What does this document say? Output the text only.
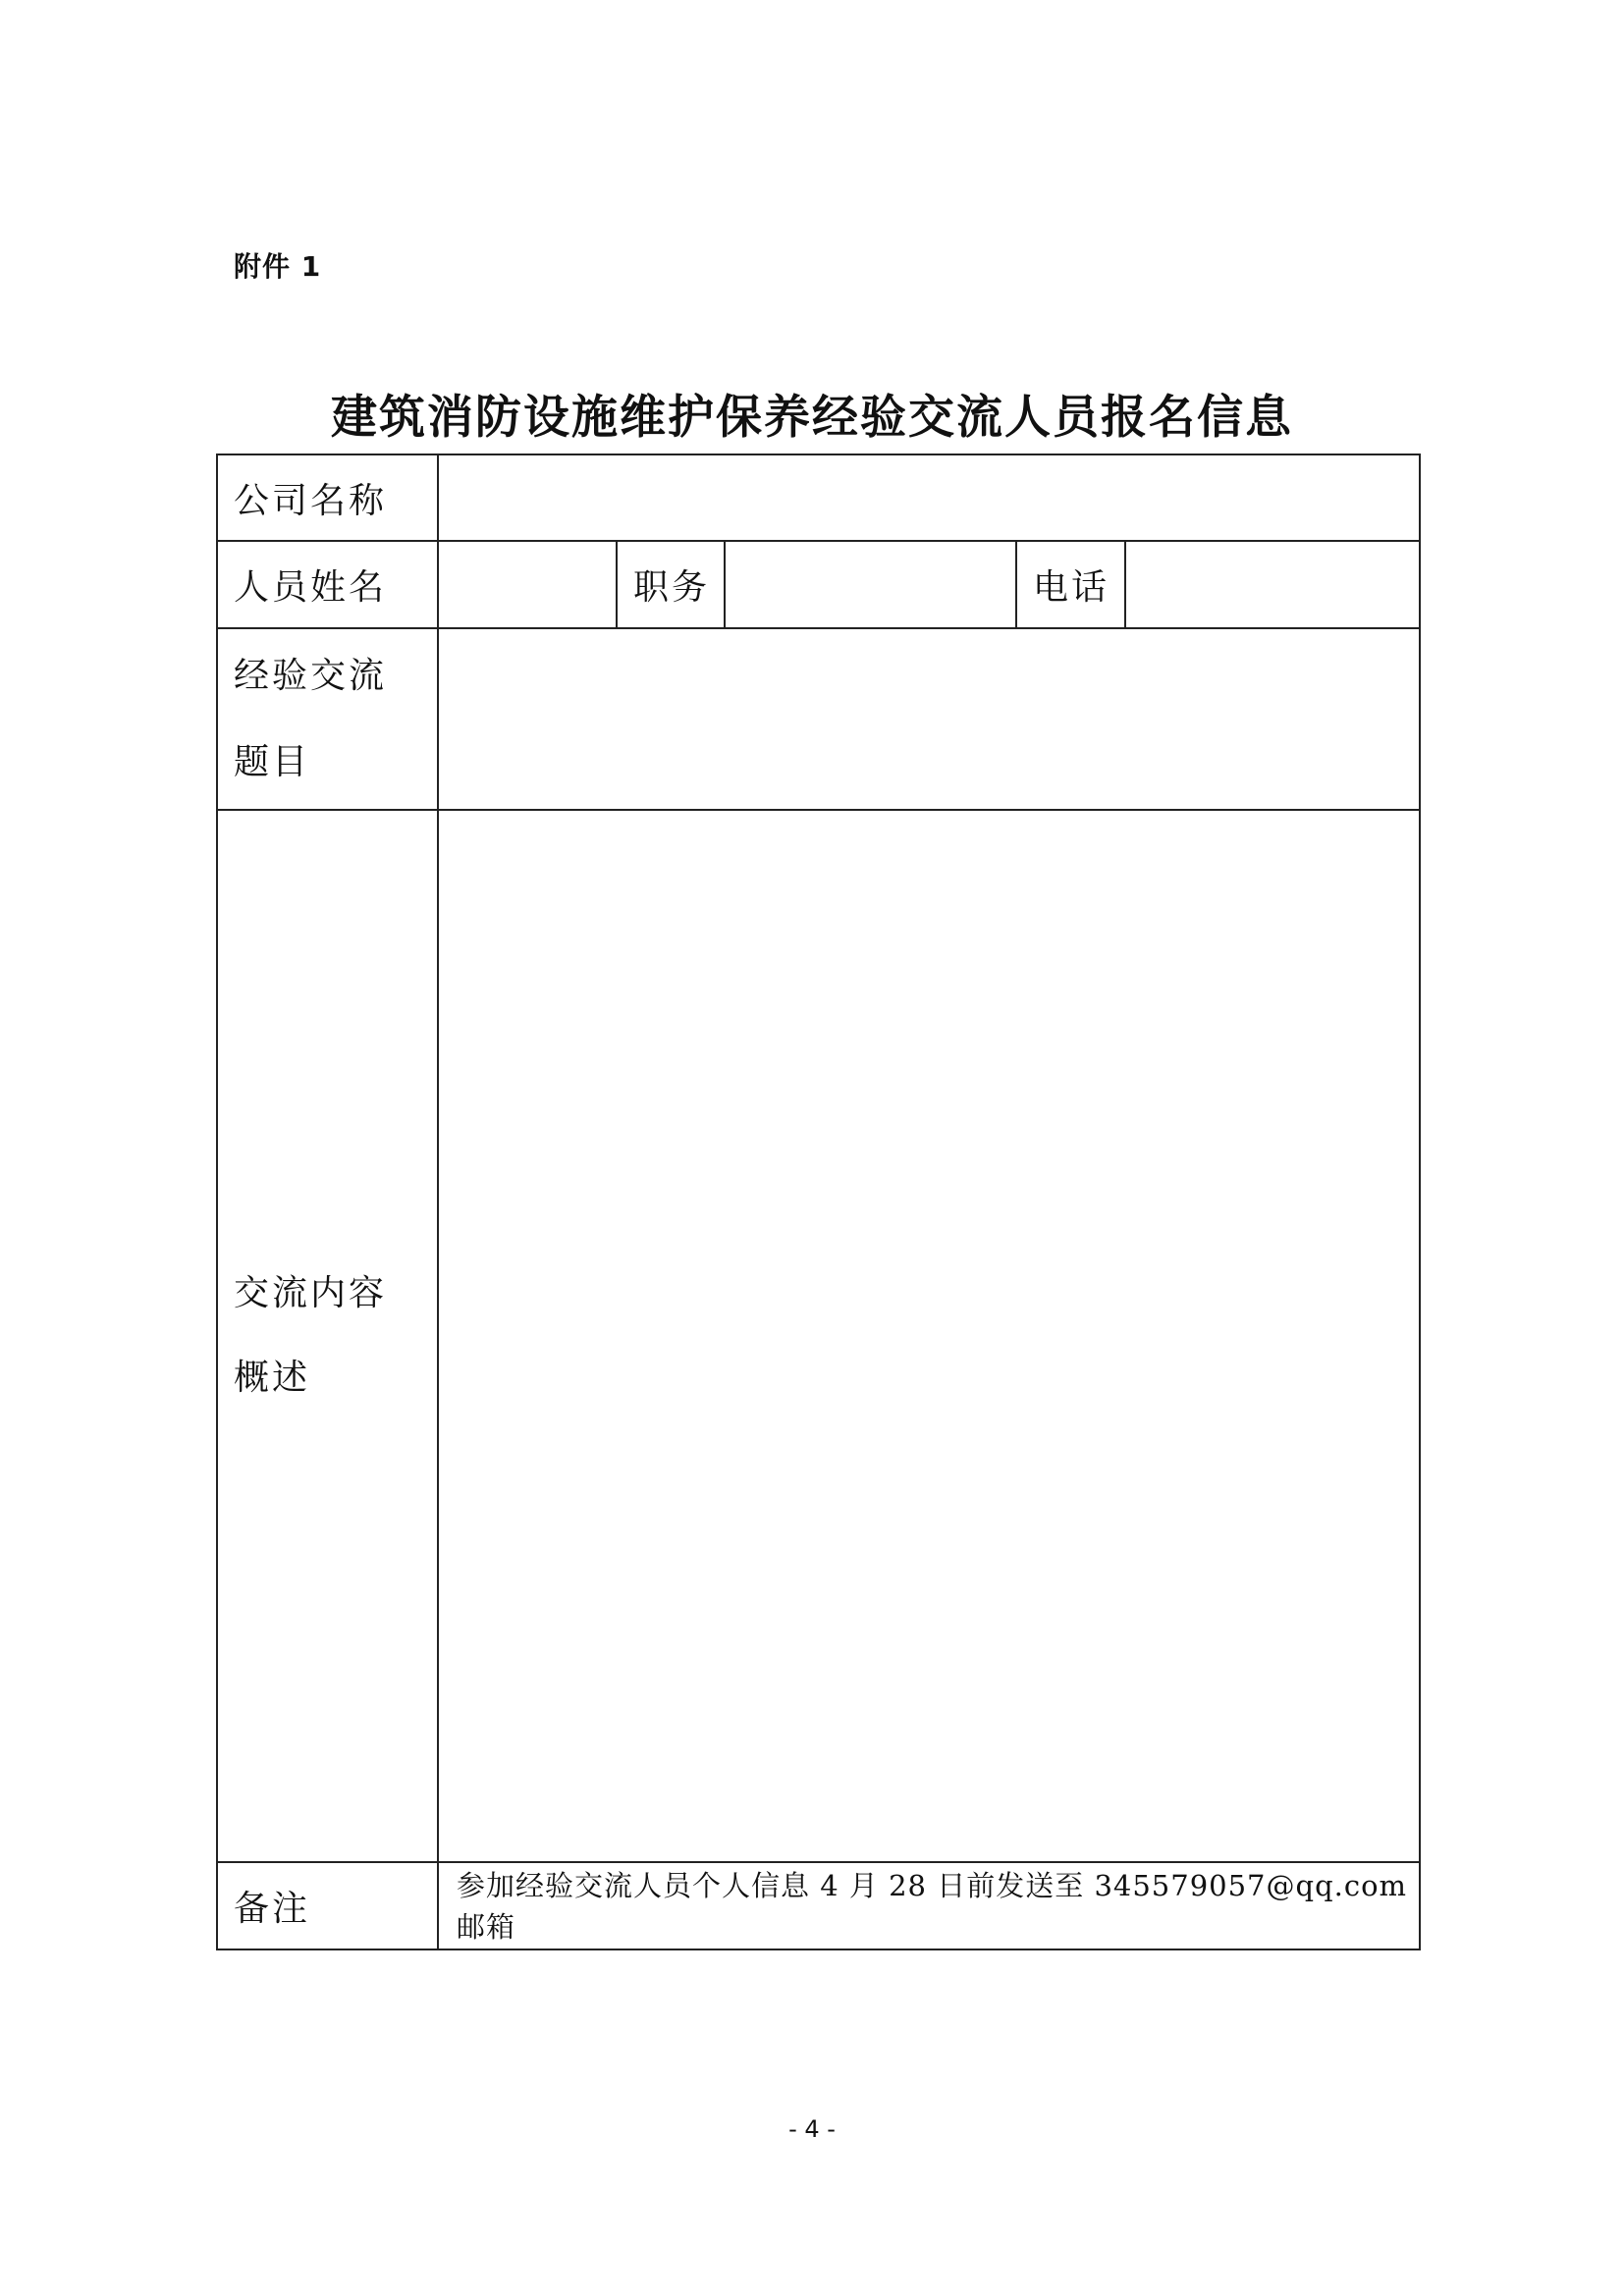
附件 1
建筑消防设施维护保养经验交流人员报名信息
公司名称					
人员姓名		职务		电话	

经验交流
题目					

交流内容
概述					

备注	参加经验交流人员个人信息 4 月 28 日前发送至 345579057@qq.com
邮箱				
- 4 -
